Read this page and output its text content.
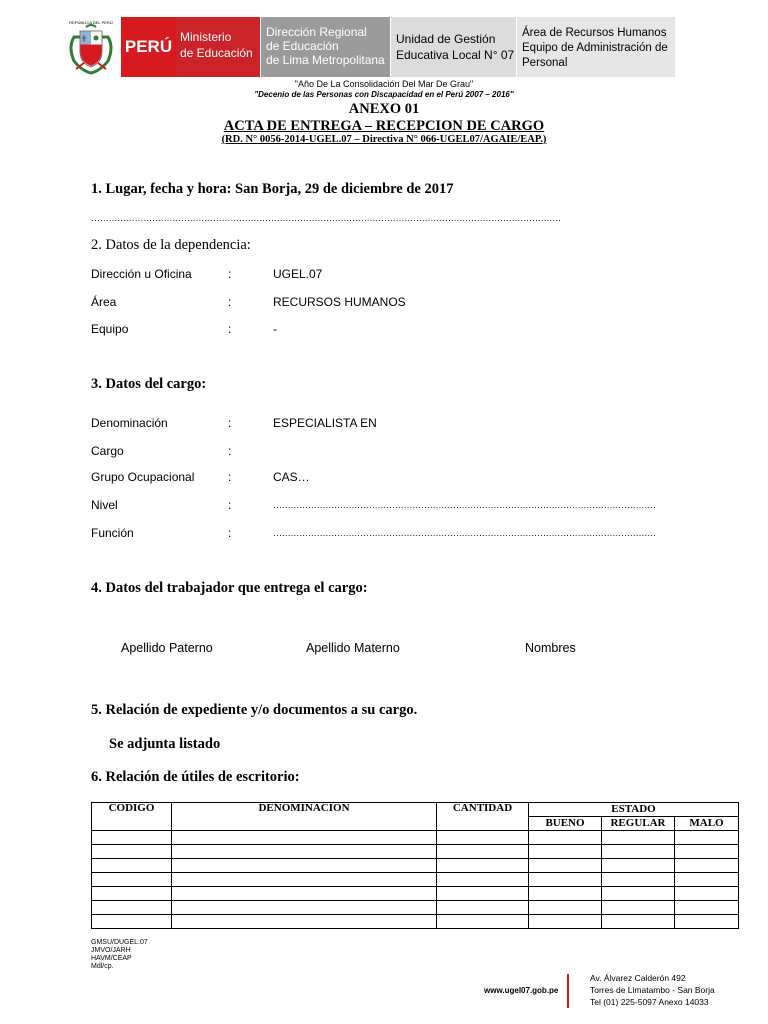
REPÚBLICA DEL PERÚ
PERÚ Ministerio
de Educación
Dirección Regional
de Educación
de Lima Metropolitana
Unidad de Gestión
Educativa Local N° 07
Área de Recursos Humanos
Equipo de Administración de
Personal
"Año De La Consolidación Del Mar De Grau"
"Decenio de las Personas con Discapacidad en el Perú 2007 – 2016"
ANEXO 01
ACTA DE ENTREGA – RECEPCION DE CARGO
(RD. N° 0056-2014-UGEL.07 – Directiva N° 066-UGEL07/AGAIE/EAP.)
1. Lugar, fecha y hora: San Borja, 29 de diciembre de 2017
………………………………………………………………………………………………………………………………………………
2. Datos de la dependencia:
Dirección u Oficina	:	UGEL.07
Área	:	RECURSOS HUMANOS
Equipo	:	-
3. Datos del cargo:
Denominación	:	ESPECIALISTA EN
Cargo	:
Grupo Ocupacional	:	CAS…
Nivel	:	……………………………………………………………………………………………………………………
Función	:	……………………………………………………………………………………………………………………
4. Datos del trabajador que entrega el cargo:
Apellido Paterno	Apellido Materno	Nombres
5. Relación de expediente y/o documentos a su cargo.
Se adjunta listado
6. Relación de útiles de escritorio:
CODIGO	DENOMINACION	CANTIDAD	ESTADO		
			BUENO	REGULAR	MALO

GMSU/DUGEL.07
JMVO/JARH
HAVM/CEAP
Mdl/cp.
www.ugel07.gob.pe
Av. Álvarez Calderón 492
Torres de Limatambo - San Borja
Tel (01) 225-5097 Anexo 14033
